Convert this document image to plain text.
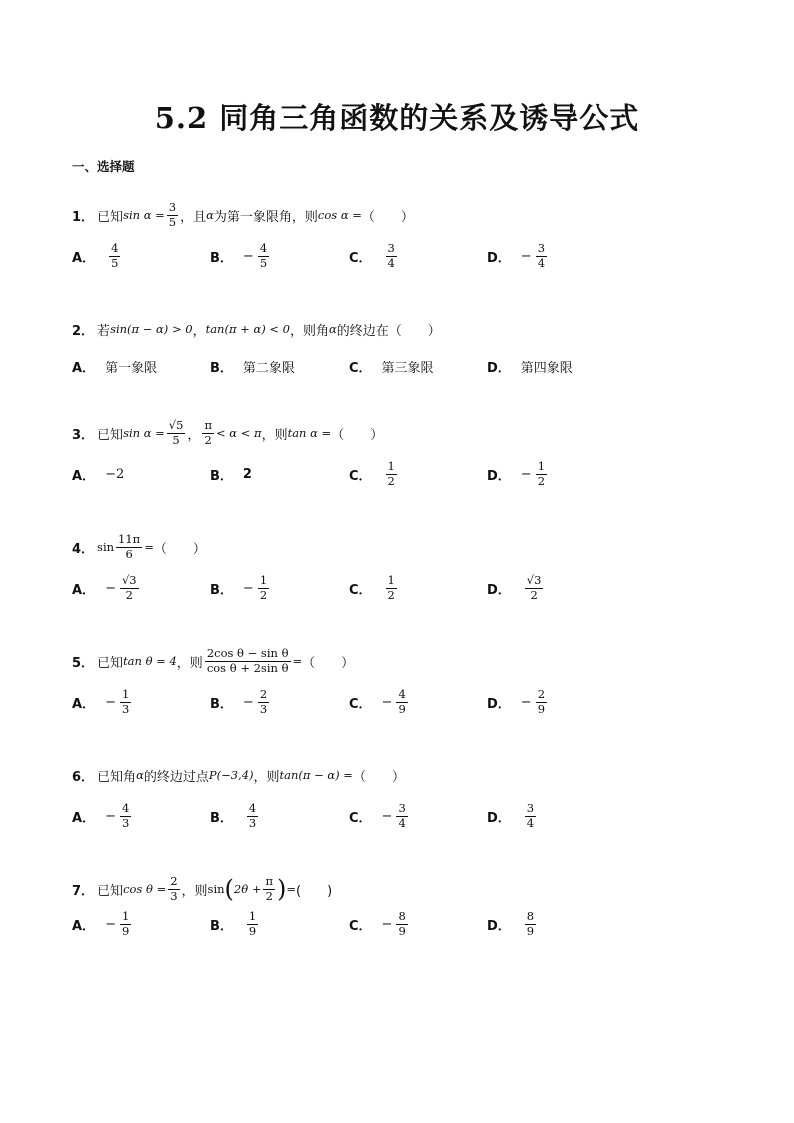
5.2 同角三角函数的关系及诱导公式
一、选择题
1． 已知 $\sin \alpha = \frac{3}{5}$ ，且 α 为第一象限角，则 cos α = （　　）
A． $\frac{4}{5}$	B． − $\frac{4}{5}$	C． $\frac{3}{4}$	D． − $\frac{3}{4}$
2． 若 sin(π − α) > 0 ， tan(π + α) < 0 ，则角 α 的终边在（　　）
A． 第一象限	B． 第二象限	C． 第三象限	D． 第四象限
3． 已知 $\sin \alpha = \frac{√5}{5}$ ， $\frac{\pi}{2} < \alpha < \pi$ ，则 tan α = （　　）
A． −2	B． 2	C． $\frac{1}{2}$	D． − $\frac{1}{2}$
4． $\sin \frac{11\pi}{6}$ = （　　）
A． − $\frac{√3}{2}$	B． − $\frac{1}{2}$	C． $\frac{1}{2}$	D． $\frac{√3}{2}$
5． 已知 tan θ = 4 ，则 $\frac{\text{2cos θ − sin θ}}{\text{cos θ + 2sin θ}}$ = （　　）
A． − $\frac{1}{3}$	B． − $\frac{2}{3}$	C． − $\frac{4}{9}$	D． − $\frac{2}{9}$
6． 已知角 α 的终边过点 P(−3,4) ，则 tan(π − α) = （　　）
A． − $\frac{4}{3}$	B． $\frac{4}{3}$	C． − $\frac{3}{4}$	D． $\frac{3}{4}$
7． 已知 $\cos \theta = \frac{2}{3}$ ，则 sin ( $2\theta + \frac{\pi}{2}$ ) = (　　)
A． − $\frac{1}{9}$	B． $\frac{1}{9}$	C． − $\frac{8}{9}$	D． $\frac{8}{9}$
